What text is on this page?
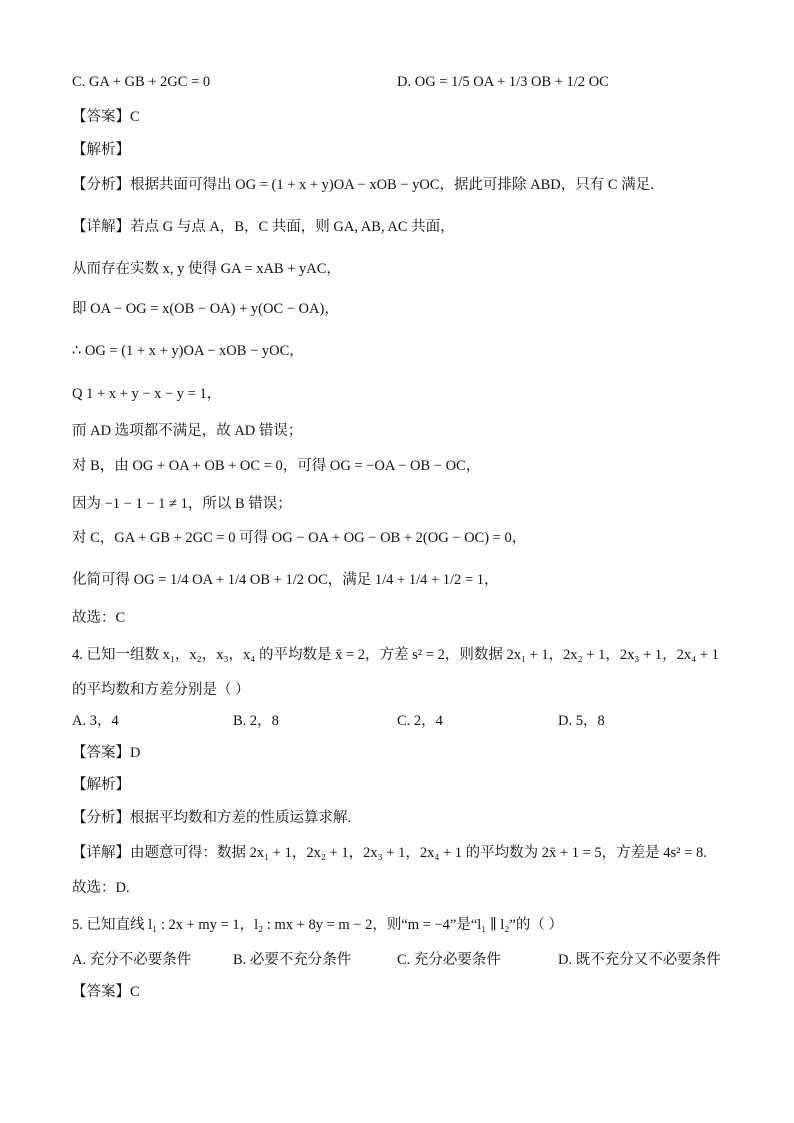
C. GA + GB + 2GC = 0	D. OG = 1/5 OA + 1/3 OB + 1/2 OC
【答案】C
【解析】
【分析】根据共面可得出 OG = (1 + x + y)OA − xOB − yOC，据此可排除 ABD，只有 C 满足.
【详解】若点 G 与点 A，B，C 共面，则 GA, AB, AC 共面，
从而存在实数 x, y 使得 GA = xAB + yAC，
即 OA − OG = x(OB − OA) + y(OC − OA)，
∴ OG = (1 + x + y)OA − xOB − yOC，
Q 1 + x + y − x − y = 1，
而 AD 选项都不满足，故 AD 错误；
对 B，由 OG + OA + OB + OC = 0，可得 OG = −OA − OB − OC，
因为 −1 − 1 − 1 ≠ 1，所以 B 错误；
对 C，GA + GB + 2GC = 0 可得 OG − OA + OG − OB + 2(OG − OC) = 0，
化简可得 OG = 1/4 OA + 1/4 OB + 1/2 OC，满足 1/4 + 1/4 + 1/2 = 1，
故选：C
4. 已知一组数 x₁，x₂，x₃，x₄ 的平均数是 x̄ = 2，方差 s² = 2，则数据 2x₁ + 1，2x₂ + 1，2x₃ + 1，2x₄ + 1
的平均数和方差分别是（ ）
A. 3，4	B. 2，8	C. 2，4	D. 5，8
【答案】D
【解析】
【分析】根据平均数和方差的性质运算求解.
【详解】由题意可得：数据 2x₁ + 1，2x₂ + 1，2x₃ + 1，2x₄ + 1 的平均数为 2x̄ + 1 = 5，方差是 4s² = 8.
故选：D.
5. 已知直线 l₁ : 2x + my = 1，l₂ : mx + 8y = m − 2，则“m = −4”是“l₁ ∥ l₂”的（ ）
A. 充分不必要条件	B. 必要不充分条件	C. 充分必要条件	D. 既不充分又不必要条件
【答案】C
